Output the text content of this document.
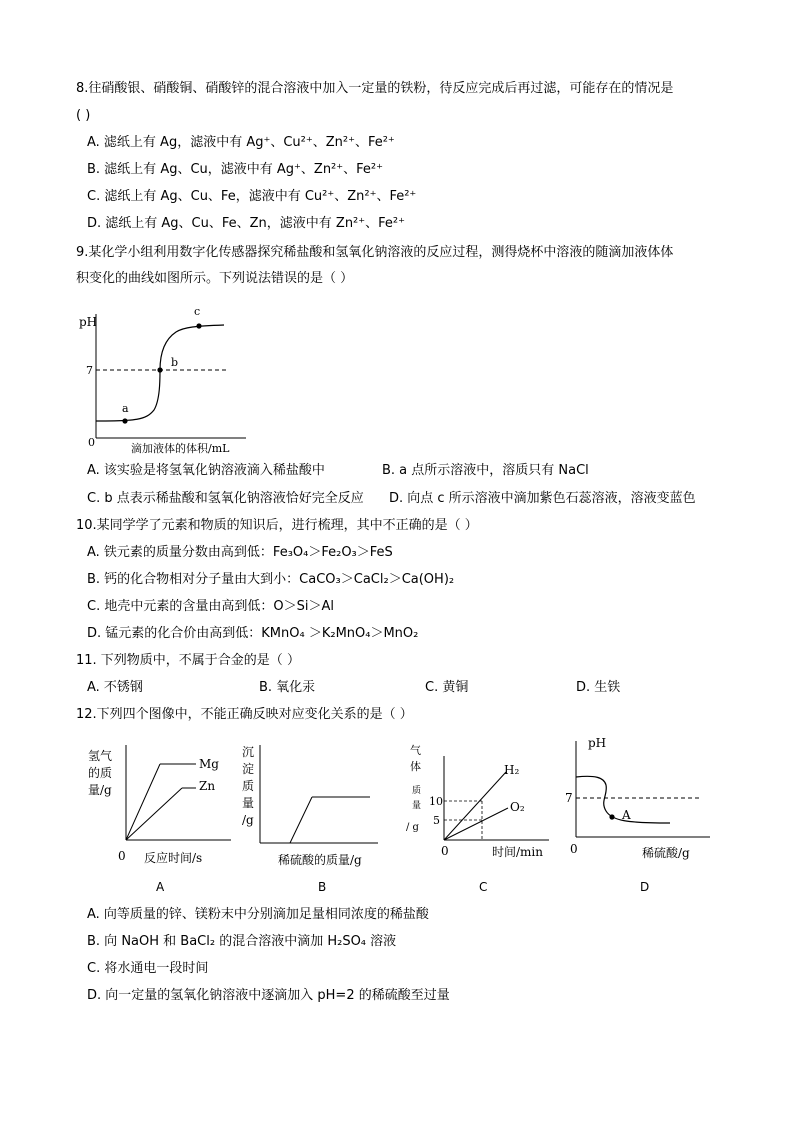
8.往硝酸银、硝酸铜、硝酸锌的混合溶液中加入一定量的铁粉，待反应完成后再过滤，可能存在的情况是
( )
A. 滤纸上有 Ag，滤液中有 Ag⁺、Cu²⁺、Zn²⁺、Fe²⁺
B. 滤纸上有 Ag、Cu，滤液中有 Ag⁺、Zn²⁺、Fe²⁺
C. 滤纸上有 Ag、Cu、Fe，滤液中有 Cu²⁺、Zn²⁺、Fe²⁺
D. 滤纸上有 Ag、Cu、Fe、Zn，滤液中有 Zn²⁺、Fe²⁺
9.某化学小组利用数字化传感器探究稀盐酸和氢氧化钠溶液的反应过程，测得烧杯中溶液的随滴加液体体
积变化的曲线如图所示。下列说法错误的是（ ）
pH
7
0
a
b
c
滴加液体的体积/mL
A. 该实验是将氢氧化钠溶液滴入稀盐酸中	B. a 点所示溶液中，溶质只有 NaCl
C. b 点表示稀盐酸和氢氧化钠溶液恰好完全反应 D. 向点 c 所示溶液中滴加紫色石蕊溶液，溶液变蓝色
10.某同学学了元素和物质的知识后，进行梳理，其中不正确的是（ ）
A. 铁元素的质量分数由高到低：Fe₃O₄＞Fe₂O₃＞FeS
B. 钙的化合物相对分子量由大到小：CaCO₃＞CaCl₂＞Ca(OH)₂
C. 地壳中元素的含量由高到低：O＞Si＞Al
D. 锰元素的化合价由高到低：KMnO₄ ＞K₂MnO₄＞MnO₂
11. 下列物质中，不属于合金的是（ ）
A. 不锈钢	B. 氧化汞	C. 黄铜	D. 生铁
12.下列四个图像中，不能正确反映对应变化关系的是（ ）
氢气
的质
量/g
Mg
Zn
0 反应时间/s
A
沉
淀
质
量
/g
稀硫酸的质量/g
B
气
体
质
量
/ g
10
5
H₂
O₂
0	时间/min
C
pH
7
A
0	稀硫酸/g
D
A. 向等质量的锌、镁粉末中分别滴加足量相同浓度的稀盐酸
B. 向 NaOH 和 BaCl₂ 的混合溶液中滴加 H₂SO₄ 溶液
C. 将水通电一段时间
D. 向一定量的氢氧化钠溶液中逐滴加入 pH=2 的稀硫酸至过量
